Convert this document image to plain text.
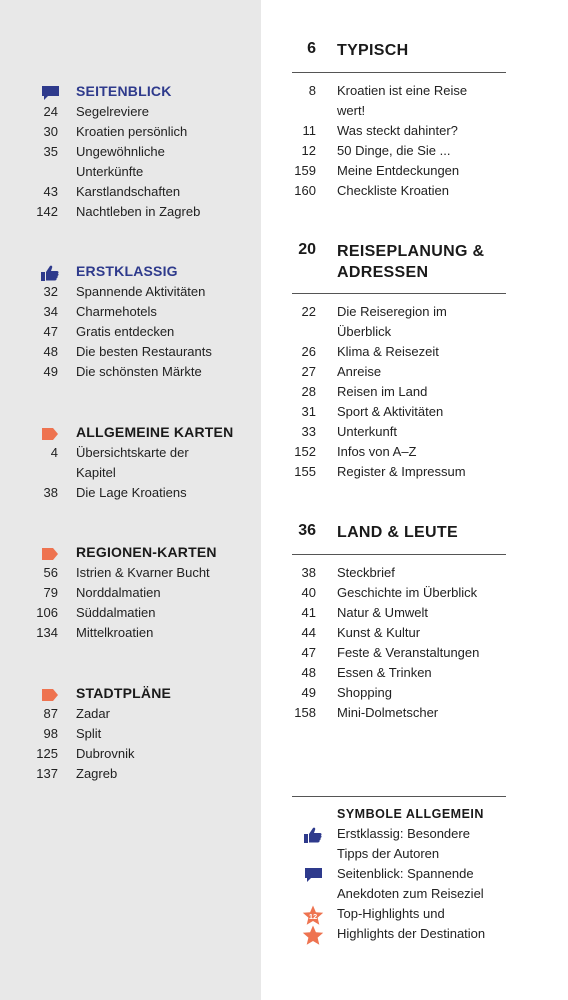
SEITENBLICK
24 Segelreviere
30 Kroatien persönlich
35 Ungewöhnliche Unterkünfte
43 Karstlandschaften
142 Nachtleben in Zagreb
ERSTKLASSIG
32 Spannende Aktivitäten
34 Charmehotels
47 Gratis entdecken
48 Die besten Restaurants
49 Die schönsten Märkte
ALLGEMEINE KARTEN
4 Übersichtskarte der Kapitel
38 Die Lage Kroatiens
REGIONEN-KARTEN
56 Istrien & Kvarner Bucht
79 Norddalmatien
106 Süddalmatien
134 Mittelkroatien
STADTPLÄNE
87 Zadar
98 Split
125 Dubrovnik
137 Zagreb
6 TYPISCH
8 Kroatien ist eine Reise wert!
11 Was steckt dahinter?
12 50 Dinge, die Sie ...
159 Meine Entdeckungen
160 Checkliste Kroatien
20 REISEPLANUNG & ADRESSEN
22 Die Reiseregion im Überblick
26 Klima & Reisezeit
27 Anreise
28 Reisen im Land
31 Sport & Aktivitäten
33 Unterkunft
152 Infos von A–Z
155 Register & Impressum
36 LAND & LEUTE
38 Steckbrief
40 Geschichte im Überblick
41 Natur & Umwelt
44 Kunst & Kultur
47 Feste & Veranstaltungen
48 Essen & Trinken
49 Shopping
158 Mini-Dolmetscher
SYMBOLE ALLGEMEIN
Erstklassig: Besondere Tipps der Autoren
Seitenblick: Spannende Anekdoten zum Reiseziel
12 Top-Highlights und
Highlights der Destination
